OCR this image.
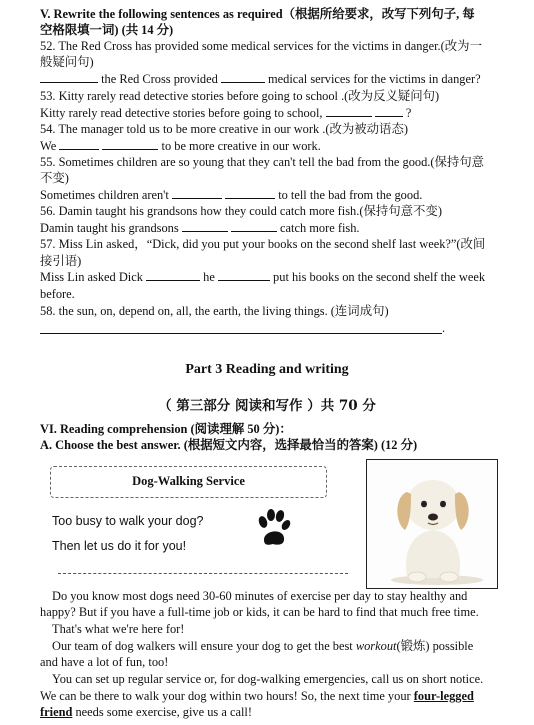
V. Rewrite the following sentences as required（根据所给要求，改写下列句子, 每
空格限填一词) (共 14 分)
52. The Red Cross has provided some medical services for the victims in danger.(改为一
般疑问句)
the Red Cross provided	medical services for the victims in danger?
53. Kitty rarely read detective stories before going to school .(改为反义疑问句)
Kitty rarely read detective stories before going to school,	?
54. The manager told us to be more creative in our work .(改为被动语态)
We	to be more creative in our work.
55. Sometimes children are so young that they can't tell the bad from the good.(保持句意
不变)
Sometimes children aren't	to tell the bad from the good.
56. Damin taught his grandsons how they could catch more fish.(保持句意不变)
Damin taught his grandsons	catch more fish.
57. Miss Lin asked，“Dick, did you put your books on the second shelf last week?”(改间
接引语)
Miss Lin asked Dick	he	put his books on the second shelf the week
before.
58. the sun, on, depend on, all, the earth, the living things. (连词成句)
.
Part 3 Reading and writing
（ 第三部分 阅读和写作 ）共 70 分
VI. Reading comprehension (阅读理解 50 分)：
A. Choose the best answer. (根据短文内容，选择最恰当的答案) (12 分)
Dog-Walking Service
Too busy to walk your dog?
Then let us do it for you!
Do you know most dogs need 30-60 minutes of exercise per day to stay healthy and
happy? But if you have a full-time job or kids, it can be hard to find that much free time.
That's what we're here for!
Our team of dog walkers will ensure your dog to get the best workout(锻炼) possible
and have a lot of fun, too!
You can set up regular service or, for dog-walking emergencies, call us on short notice.
We can be there to walk your dog within two hours! So, the next time your four-legged
friend needs some exercise, give us a call!
